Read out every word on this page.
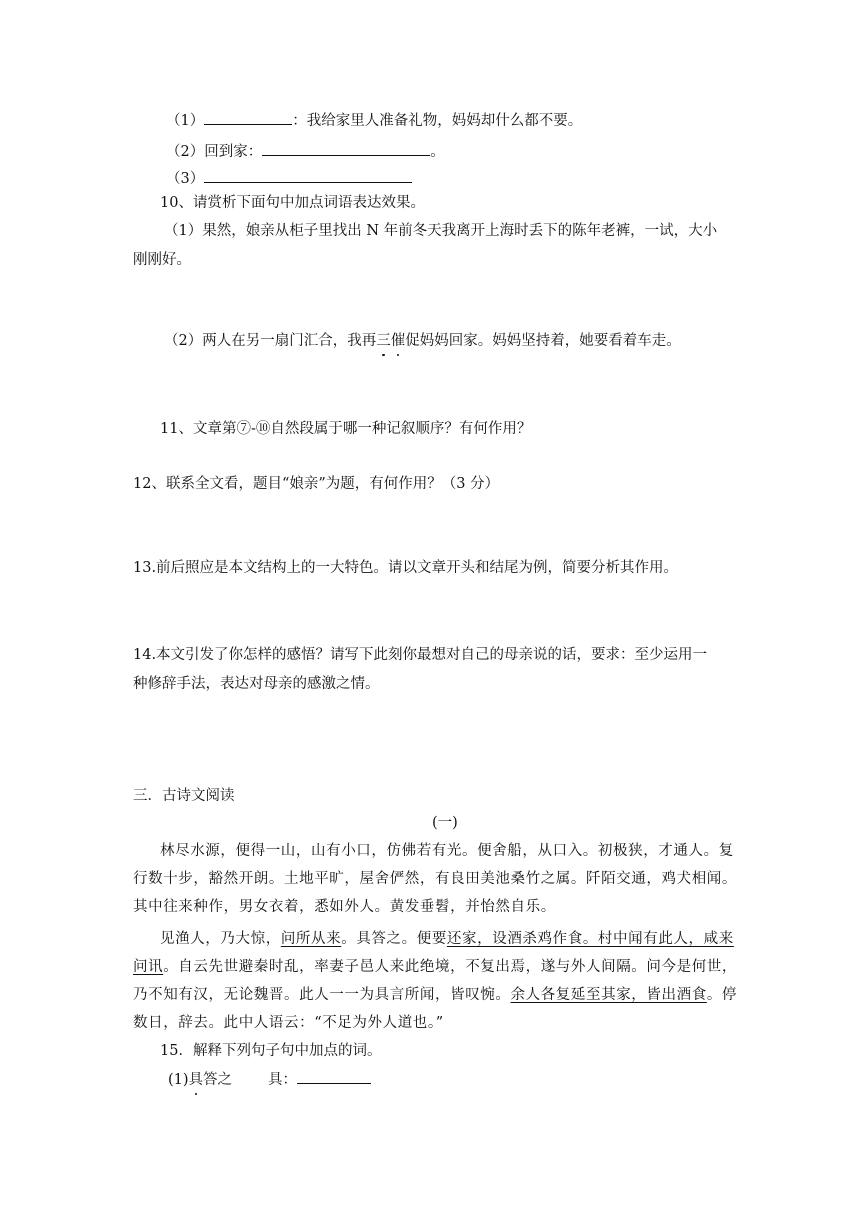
（1）	：我给家里人准备礼物，妈妈却什么都不要。
（2）回到家：	。
（3）
10、请赏析下面句中加点词语表达效果。
（1）果然，娘亲从柜子里找出 N 年前冬天我离开上海时丢下的陈年老裤，一试，大小
刚刚好。
（2）两人在另一扇门汇合，我再三催促妈妈回家。妈妈坚持着，她要看着车走。
11、文章第⑦-⑩自然段属于哪一种记叙顺序？有何作用？
12、联系全文看，题目“娘亲”为题，有何作用？（3 分）
13.前后照应是本文结构上的一大特色。请以文章开头和结尾为例，简要分析其作用。
14.本文引发了你怎样的感悟？请写下此刻你最想对自己的母亲说的话，要求：至少运用一
种修辞手法，表达对母亲的感激之情。
三．古诗文阅读
(一)
林尽水源，便得一山，山有小口，仿佛若有光。便舍船，从口入。初极狭，才通人。复
行数十步，豁然开朗。土地平旷，屋舍俨然，有良田美池桑竹之属。阡陌交通，鸡犬相闻。
其中往来种作，男女衣着，悉如外人。黄发垂髫，并怡然自乐。
见渔人，乃大惊，问所从来。具答之。便要还家，设酒杀鸡作食。村中闻有此人，咸来
问讯。自云先世避秦时乱，率妻子邑人来此绝境，不复出焉，遂与外人间隔。问今是何世，
乃不知有汉，无论魏晋。此人一一为具言所闻，皆叹惋。余人各复延至其家，皆出酒食。停
数日，辞去。此中人语云：“不足为外人道也。”
15．解释下列句子句中加点的词。
(1)具答之 具：
